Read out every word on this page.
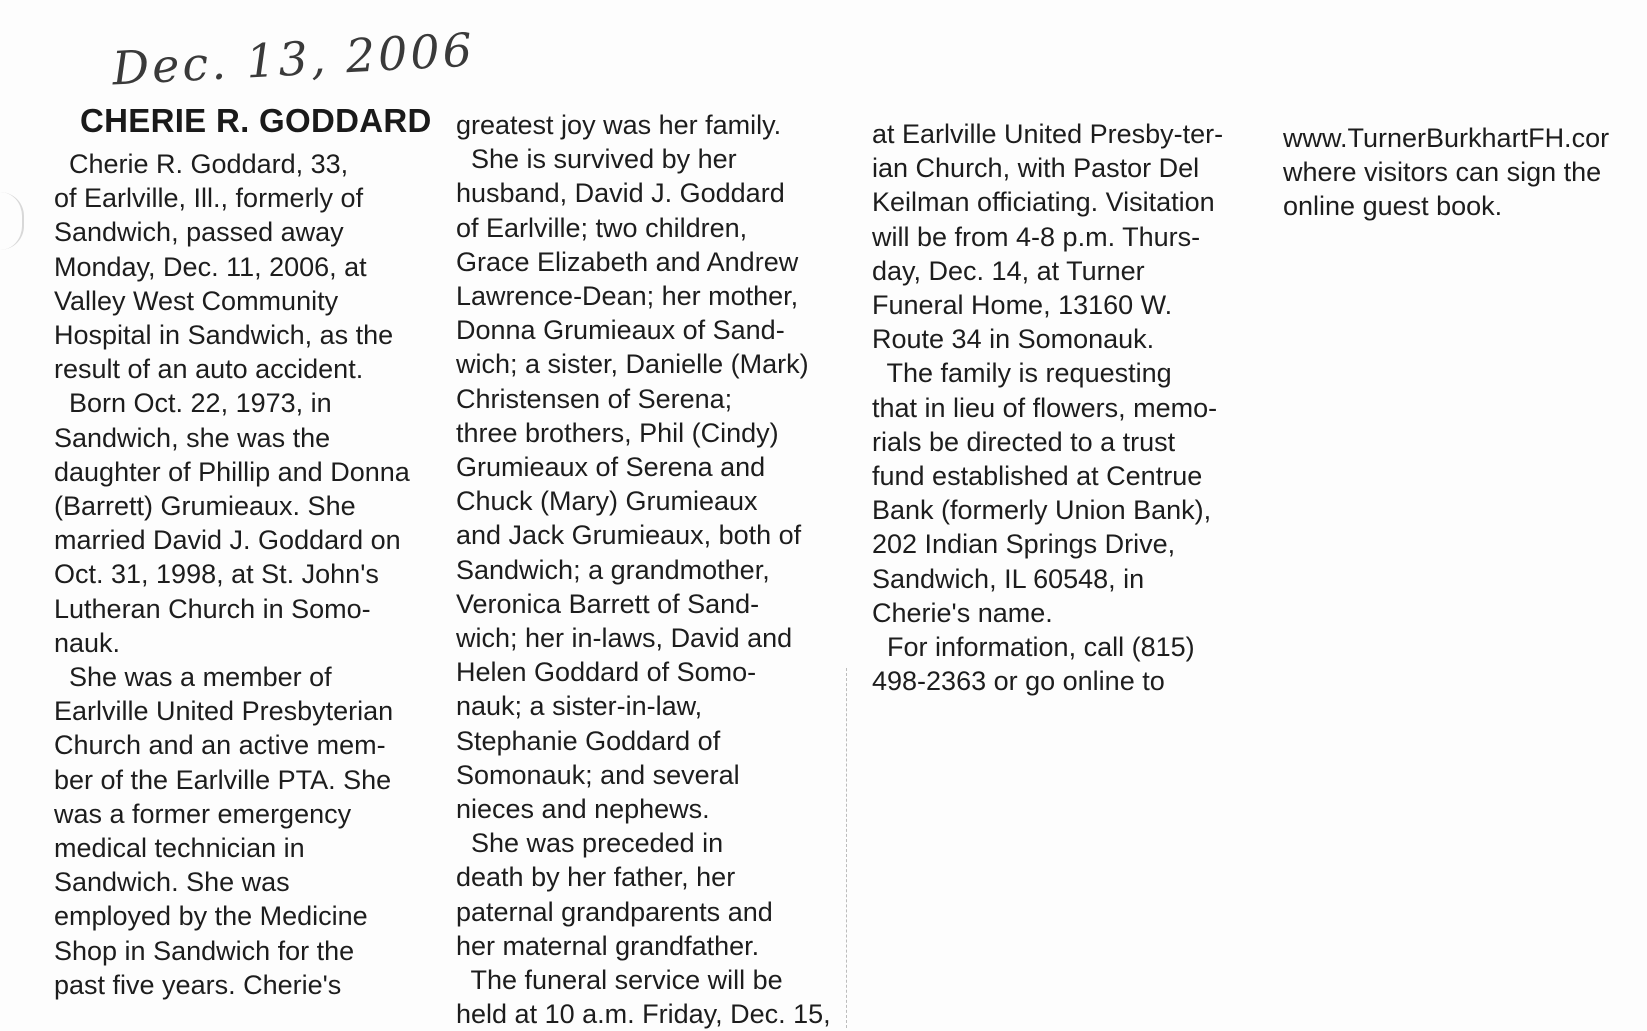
Dec. 13, 2006
CHERIE R. GODDARD
Cherie R. Goddard, 33,
of Earlville, Ill., formerly of
Sandwich, passed away
Monday, Dec. 11, 2006, at
Valley West Community
Hospital in Sandwich, as the
result of an auto accident.
Born Oct. 22, 1973, in
Sandwich, she was the
daughter of Phillip and Donna
(Barrett) Grumieaux. She
married David J. Goddard on
Oct. 31, 1998, at St. John's
Lutheran Church in Somo-
nauk.
She was a member of
Earlville United Presbyterian
Church and an active mem-
ber of the Earlville PTA. She
was a former emergency
medical technician in
Sandwich. She was
employed by the Medicine
Shop in Sandwich for the
past five years. Cherie's
greatest joy was her family.
She is survived by her
husband, David J. Goddard
of Earlville; two children,
Grace Elizabeth and Andrew
Lawrence-Dean; her mother,
Donna Grumieaux of Sand-
wich; a sister, Danielle (Mark)
Christensen of Serena;
three brothers, Phil (Cindy)
Grumieaux of Serena and
Chuck (Mary) Grumieaux
and Jack Grumieaux, both of
Sandwich; a grandmother,
Veronica Barrett of Sand-
wich; her in-laws, David and
Helen Goddard of Somo-
nauk; a sister-in-law,
Stephanie Goddard of
Somonauk; and several
nieces and nephews.
She was preceded in
death by her father, her
paternal grandparents and
her maternal grandfather.
The funeral service will be
held at 10 a.m. Friday, Dec. 15,
at Earlville United Presby-ter-
ian Church, with Pastor Del
Keilman officiating. Visitation
will be from 4-8 p.m. Thurs-
day, Dec. 14, at Turner
Funeral Home, 13160 W.
Route 34 in Somonauk.
The family is requesting
that in lieu of flowers, memo-
rials be directed to a trust
fund established at Centrue
Bank (formerly Union Bank),
202 Indian Springs Drive,
Sandwich, IL 60548, in
Cherie's name.
For information, call (815)
498-2363 or go online to
www.TurnerBurkhartFH.cor
where visitors can sign the
online guest book.
